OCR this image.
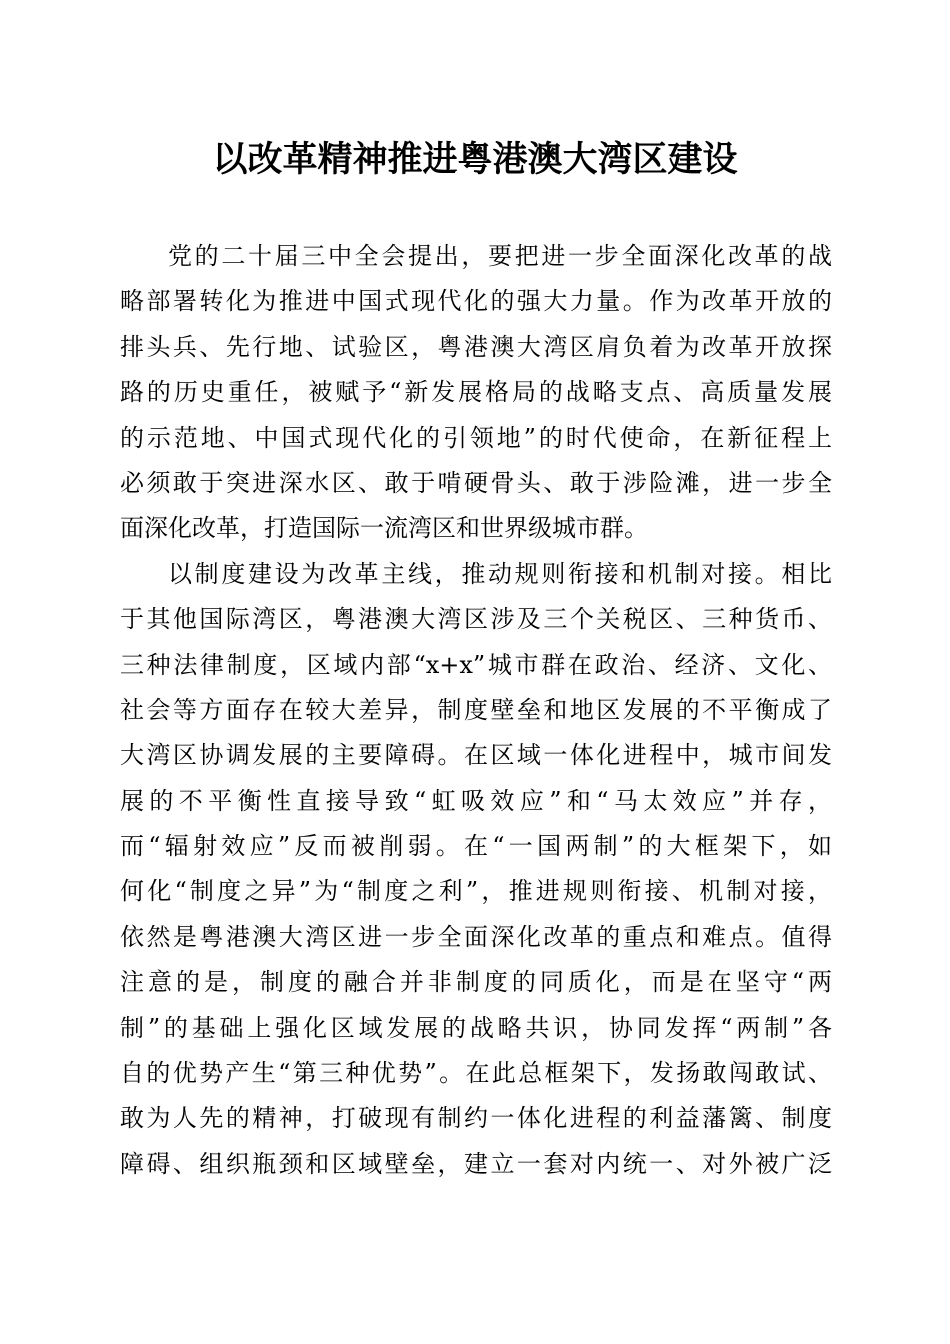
以改革精神推进粤港澳大湾区建设
党的二十届三中全会提出，要把进一步全面深化改革的战
略部署转化为推进中国式现代化的强大力量。作为改革开放的
排头兵、先行地、试验区，粤港澳大湾区肩负着为改革开放探
路的历史重任，被赋予“新发展格局的战略支点、高质量发展
的示范地、中国式现代化的引领地”的时代使命，在新征程上
必须敢于突进深水区、敢于啃硬骨头、敢于涉险滩，进一步全
面深化改革，打造国际一流湾区和世界级城市群。
以制度建设为改革主线，推动规则衔接和机制对接。相比
于其他国际湾区，粤港澳大湾区涉及三个关税区、三种货币、
三种法律制度，区域内部“x+x”城市群在政治、经济、文化、
社会等方面存在较大差异，制度壁垒和地区发展的不平衡成了
大湾区协调发展的主要障碍。在区域一体化进程中，城市间发
展的不平衡性直接导致“虹吸效应”和“马太效应”并存，
而“辐射效应”反而被削弱。在“一国两制”的大框架下，如
何化“制度之异”为“制度之利”，推进规则衔接、机制对接，
依然是粤港澳大湾区进一步全面深化改革的重点和难点。值得
注意的是，制度的融合并非制度的同质化，而是在坚守“两
制”的基础上强化区域发展的战略共识，协同发挥“两制”各
自的优势产生“第三种优势”。在此总框架下，发扬敢闯敢试、
敢为人先的精神，打破现有制约一体化进程的利益藩篱、制度
障碍、组织瓶颈和区域壁垒，建立一套对内统一、对外被广泛
